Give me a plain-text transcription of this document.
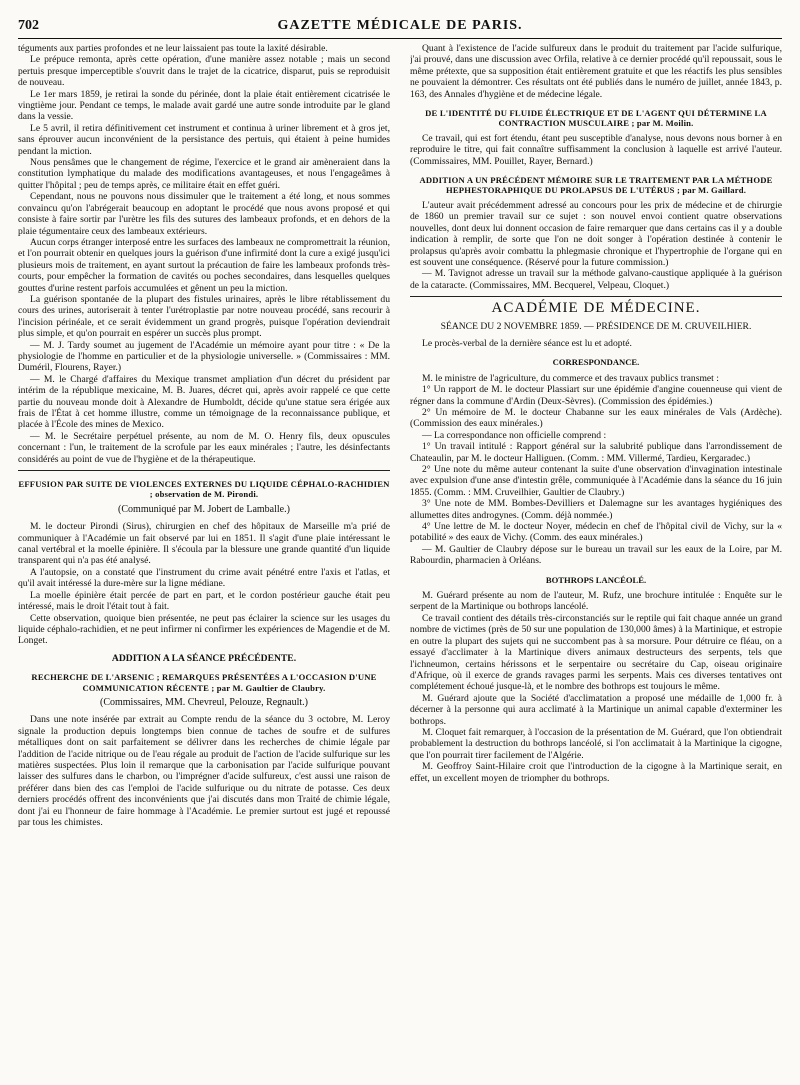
702	GAZETTE MÉDICALE DE PARIS.

téguments aux parties profondes et ne leur laissaient pas toute la laxité désirable.

Le prépuce remonta, après cette opération, d'une manière assez notable ; mais un second pertuis presque imperceptible s'ouvrit dans le trajet de la cicatrice, disparut, puis se reproduisit de nouveau.

Le 1er mars 1859, je retirai la sonde du périnée, dont la plaie était entièrement cicatrisée le vingtième jour. Pendant ce temps, le malade avait gardé une autre sonde introduite par le gland dans la vessie.

Le 5 avril, il retira définitivement cet instrument et continua à uriner librement et à gros jet, sans éprouver aucun inconvénient de la persistance des pertuis, qui étaient à peine humides pendant la miction.

Nous pensâmes que le changement de régime, l'exercice et le grand air amèneraient dans la constitution lymphatique du malade des modifications avantageuses, et nous l'engageâmes à quitter l'hôpital ; peu de temps après, ce militaire était en effet guéri.

Cependant, nous ne pouvons nous dissimuler que le traitement a été long, et nous sommes convaincu qu'on l'abrégerait beaucoup en adoptant le procédé que nous avons proposé et qui consiste à faire sortir par l'urètre les fils des sutures des lambeaux profonds, et en dehors de la plaie tégumentaire ceux des lambeaux extérieurs.

Aucun corps étranger interposé entre les surfaces des lambeaux ne compromettrait la réunion, et l'on pourrait obtenir en quelques jours la guérison d'une infirmité dont la cure a exigé jusqu'ici plusieurs mois de traitement, en ayant surtout la précaution de faire les lambeaux profonds très-courts, pour empêcher la formation de cavités ou poches secondaires, dans lesquelles quelques gouttes d'urine restent parfois accumulées et gênent un peu la miction.

La guérison spontanée de la plupart des fistules urinaires, après le libre rétablissement du cours des urines, autoriserait à tenter l'urétroplastie par notre nouveau procédé, sans recourir à l'incision périnéale, et ce serait évidemment un grand progrès, puisque l'opération deviendrait plus simple, et qu'on pourrait en espérer un succès plus prompt.

— M. J. Tardy soumet au jugement de l'Académie un mémoire ayant pour titre : « De la physiologie de l'homme en particulier et de la physiologie universelle. » (Commissaires : MM. Duméril, Flourens, Rayer.)

— M. le Chargé d'affaires du Mexique transmet ampliation d'un décret du président par intérim de la république mexicaine, M. B. Juares, décret qui, après avoir rappelé ce que cette partie du nouveau monde doit à Alexandre de Humboldt, décide qu'une statue sera érigée aux frais de l'État à cet homme illustre, comme un témoignage de la reconnaissance publique, et placée à l'École des mines de Mexico.

— M. le Secrétaire perpétuel présente, au nom de M. O. Henry fils, deux opuscules concernant : l'un, le traitement de la scrofule par les eaux minérales ; l'autre, les désinfectants considérés au point de vue de l'hygiène et de la thérapeutique.

EFFUSION PAR SUITE DE VIOLENCES EXTERNES DU LIQUIDE CÉPHALO-RACHIDIEN ; observation de M. Pirondi.
(Communiqué par M. Jobert de Lamballe.)

M. le docteur Pirondi (Sirus), chirurgien en chef des hôpitaux de Marseille m'a prié de communiquer à l'Académie un fait observé par lui en 1851. Il s'agit d'une plaie intéressant le canal vertébral et la moelle épinière. Il s'écoula par la blessure une grande quantité d'un liquide transparent qui n'a pas été analysé.

A l'autopsie, on a constaté que l'instrument du crime avait pénétré entre l'axis et l'atlas, et qu'il avait intéressé la dure-mère sur la ligne médiane.

La moelle épinière était percée de part en part, et le cordon postérieur gauche était peu intéressé, mais le droit l'était tout à fait.

Cette observation, quoique bien présentée, ne peut pas éclairer la science sur les usages du liquide céphalo-rachidien, et ne peut infirmer ni confirmer les expériences de Magendie et de M. Longet.

ADDITION A LA SÉANCE PRÉCÉDENTE.
RECHERCHE DE L'ARSENIC ; REMARQUES PRÉSENTÉES A L'OCCASION D'UNE COMMUNICATION RÉCENTE ; par M. Gaultier de Claubry.
(Commissaires, MM. Chevreul, Pelouze, Regnault.)

Dans une note insérée par extrait au Compte rendu de la séance du 3 octobre, M. Leroy signale la production depuis longtemps bien connue de taches de soufre et de sulfures métalliques dont on sait parfaitement se délivrer dans les recherches de chimie légale par l'addition de l'acide nitrique ou de l'eau régale au produit de l'action de l'acide sulfurique sur les matières suspectées. Plus loin il remarque que la carbonisation par l'acide sulfurique pouvant laisser des sulfures dans le charbon, ou l'imprégner d'acide sulfureux, c'est aussi une raison de préférer dans bien des cas l'emploi de l'acide sulfurique ou du nitrate de potasse. Ces deux derniers procédés offrent des inconvénients que j'ai discutés dans mon Traité de chimie légale, dont j'ai eu l'honneur de faire hommage à l'Académie. Le premier surtout est jugé et repoussé par tous les chimistes.

Quant à l'existence de l'acide sulfureux dans le produit du traitement par l'acide sulfurique, j'ai prouvé, dans une discussion avec Orfila, relative à ce dernier procédé qu'il repoussait, sous le même prétexte, que sa supposition était entièrement gratuite et que les réactifs les plus sensibles ne pouvaient la démontrer. Ces résultats ont été publiés dans le numéro de juillet, année 1843, p. 163, des Annales d'hygiène et de médecine légale.

DE L'IDENTITÉ DU FLUIDE ÉLECTRIQUE ET DE L'AGENT QUI DÉTERMINE LA CONTRACTION MUSCULAIRE ; par M. Moilin.

Ce travail, qui est fort étendu, étant peu susceptible d'analyse, nous devons nous borner à en reproduire le titre, qui fait connaître suffisamment la conclusion à laquelle est arrivé l'auteur. (Commissaires, MM. Pouillet, Rayer, Bernard.)

ADDITION A UN PRÉCÉDENT MÉMOIRE SUR LE TRAITEMENT PAR LA MÉTHODE HEPHESTORAPHIQUE DU PROLAPSUS DE L'UTÉRUS ; par M. Gaillard.

L'auteur avait précédemment adressé au concours pour les prix de médecine et de chirurgie de 1860 un premier travail sur ce sujet : son nouvel envoi contient quatre observations nouvelles, dont deux lui donnent occasion de faire remarquer que dans certains cas il y a double indication à remplir, de sorte que l'on ne doit songer à l'opération destinée à contenir le prolapsus qu'après avoir combattu la phlegmasie chronique et l'hypertrophie de l'organe qui en est souvent une conséquence. (Réservé pour la future commission.)

— M. Tavignot adresse un travail sur la méthode galvano-caustique appliquée à la guérison de la cataracte. (Commissaires, MM. Becquerel, Velpeau, Cloquet.)

ACADÉMIE DE MÉDECINE.
SÉANCE DU 2 NOVEMBRE 1859. — PRÉSIDENCE DE M. CRUVEILHIER.

Le procès-verbal de la dernière séance est lu et adopté.

CORRESPONDANCE.

M. le ministre de l'agriculture, du commerce et des travaux publics transmet :

1° Un rapport de M. le docteur Plassiart sur une épidémie d'angine couenneuse qui vient de régner dans la commune d'Ardin (Deux-Sèvres). (Commission des épidémies.)

2° Un mémoire de M. le docteur Chabanne sur les eaux minérales de Vals (Ardèche). (Commission des eaux minérales.)

— La correspondance non officielle comprend :

1° Un travail intitulé : Rapport général sur la salubrité publique dans l'arrondissement de Chateaulin, par M. le docteur Halliguen. (Comm. : MM. Villermé, Tardieu, Kergaradec.)

2° Une note du même auteur contenant la suite d'une observation d'invagination intestinale avec expulsion d'une anse d'intestin grêle, communiquée à l'Académie dans la séance du 16 juin 1855. (Comm. : MM. Cruveilhier, Gaultier de Claubry.)

3° Une note de MM. Bombes-Devilliers et Dalemagne sur les avantages hygiéniques des allumettes dites androgynes. (Comm. déjà nommée.)

4° Une lettre de M. le docteur Noyer, médecin en chef de l'hôpital civil de Vichy, sur la « potabilité » des eaux de Vichy. (Comm. des eaux minérales.)

— M. Gaultier de Claubry dépose sur le bureau un travail sur les eaux de la Loire, par M. Rabourdin, pharmacien à Orléans.

BOTHROPS LANCÉOLÉ.

M. Guérard présente au nom de l'auteur, M. Rufz, une brochure intitulée : Enquête sur le serpent de la Martinique ou bothrops lancéolé.

Ce travail contient des détails très-circonstanciés sur le reptile qui fait chaque année un grand nombre de victimes (près de 50 sur une population de 130,000 âmes) à la Martinique, et estropie en outre la plupart des sujets qui ne succombent pas à sa morsure. Pour détruire ce fléau, on a essayé d'acclimater à la Martinique divers animaux destructeurs des serpents, tels que l'ichneumon, certains hérissons et le serpentaire ou secrétaire du Cap, oiseau originaire d'Afrique, où il exerce de grands ravages parmi les serpents. Mais ces diverses tentatives ont complétement échoué jusque-là, et le nombre des bothrops est toujours le même.

M. Guérard ajoute que la Société d'acclimatation a proposé une médaille de 1,000 fr. à décerner à la personne qui aura acclimaté à la Martinique un animal capable d'exterminer les bothrops.

M. Cloquet fait remarquer, à l'occasion de la présentation de M. Guérard, que l'on obtiendrait probablement la destruction du bothrops lancéolé, si l'on acclimatait à la Martinique la cigogne, que l'on pourrait tirer facilement de l'Algérie.

M. Geoffroy Saint-Hilaire croit que l'introduction de la cigogne à la Martinique serait, en effet, un excellent moyen de triompher du bothrops.
